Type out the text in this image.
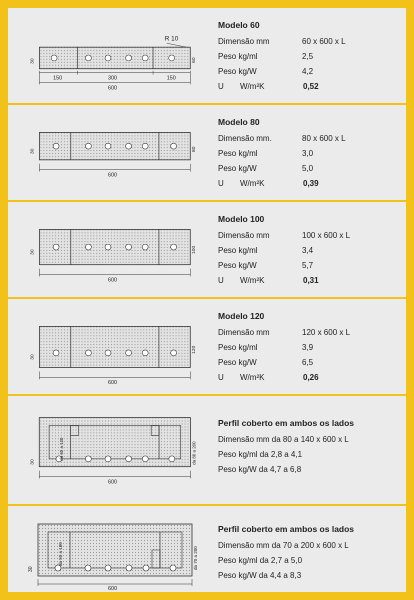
R 10
30	60
150	300	150
600
Modelo 60
Dimensão mm	60 x 600 x L
Peso kg/ml	2,5
Peso kg/W	4,2
U W/m²K	0,52
30	80
600
Modelo 80
Dimensão mm.	80 x 600 x L
Peso kg/ml	3,0
Peso kg/W	5,0
U W/m²K	0,39
30	100
600
Modelo 100
Dimensão mm	100 x 600 x L
Peso kg/ml	3,4
Peso kg/W	5,7
U W/m²K	0,31
30
120
600
Modelo 120
Dimensão mm	120 x 600 x L
Peso kg/ml	3,9
Peso kg/W	6,5
U W/m²K	0,26
30
da 60 a 120	da 80 a 200
600
Perfil coberto em ambos os lados
Dimensão mm da 80 a 140 x 600 x L
Peso kg/ml da 2,8 a 4,1
Peso kg/W da 4,7 a 6,8
30
da 50 a 180	da 70 a 200
600
Perfil coberto em ambos os lados
Dimensão mm da 70 a 200 x 600 x L
Peso kg/ml da 2,7 a 5,0
Peso kg/W da 4,4 a 8,3
